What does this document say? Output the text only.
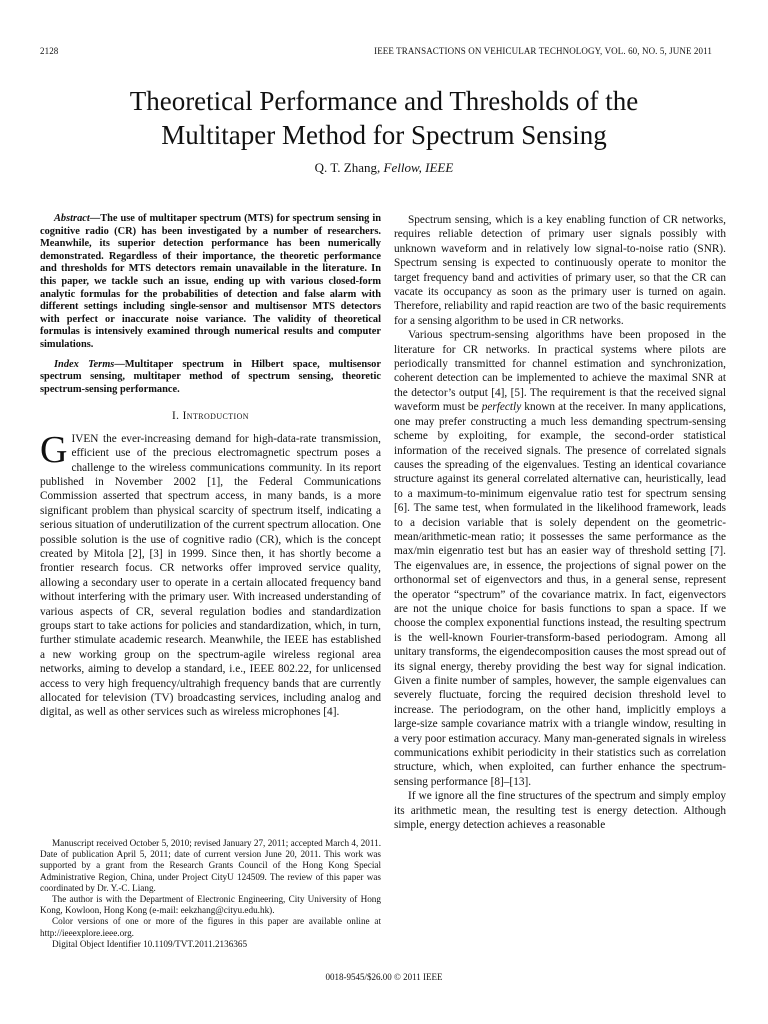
2128	IEEE TRANSACTIONS ON VEHICULAR TECHNOLOGY, VOL. 60, NO. 5, JUNE 2011
Theoretical Performance and Thresholds of the
Multitaper Method for Spectrum Sensing
Q. T. Zhang, Fellow, IEEE

Abstract—The use of multitaper spectrum (MTS) for spectrum sensing in cognitive radio (CR) has been investigated by a number of researchers. Meanwhile, its superior detection performance has been numerically demonstrated. Regardless of their importance, the theoretic performance and thresholds for MTS detectors remain unavailable in the literature. In this paper, we tackle such an issue, ending up with various closed-form analytic formulas for the probabilities of detection and false alarm with different settings including single-sensor and multisensor MTS detectors with perfect or inaccurate noise variance. The validity of theoretical formulas is intensively examined through numerical results and computer simulations.

Index Terms—Multitaper spectrum in Hilbert space, multisensor spectrum sensing, multitaper method of spectrum sensing, theoretic spectrum-sensing performance.

I. Introduction

GIVEN the ever-increasing demand for high-data-rate transmission, efficient use of the precious electromagnetic spectrum poses a challenge to the wireless communications community. In its report published in November 2002 [1], the Federal Communications Commission asserted that spectrum access, in many bands, is a more significant problem than physical scarcity of spectrum itself, indicating a serious situation of underutilization of the current spectrum allocation. One possible solution is the use of cognitive radio (CR), which is the concept created by Mitola [2], [3] in 1999. Since then, it has shortly become a frontier research focus. CR networks offer improved service quality, allowing a secondary user to operate in a certain allocated frequency band without interfering with the primary user. With increased understanding of various aspects of CR, several regulation bodies and standardization groups start to take actions for policies and standardization, which, in turn, further stimulate academic research. Meanwhile, the IEEE has established a new working group on the spectrum-agile wireless regional area networks, aiming to develop a standard, i.e., IEEE 802.22, for unlicensed access to very high frequency/ultrahigh frequency bands that are currently allocated for television (TV) broadcasting services, including analog and digital, as well as other services such as wireless microphones [4].

Manuscript received October 5, 2010; revised January 27, 2011; accepted March 4, 2011. Date of publication April 5, 2011; date of current version June 20, 2011. This work was supported by a grant from the Research Grants Council of the Hong Kong Special Administrative Region, China, under Project CityU 124509. The review of this paper was coordinated by Dr. Y.-C. Liang.

The author is with the Department of Electronic Engineering, City University of Hong Kong, Kowloon, Hong Kong (e-mail: eekzhang@cityu.edu.hk).

Color versions of one or more of the figures in this paper are available online at http://ieeexplore.ieee.org.

Digital Object Identifier 10.1109/TVT.2011.2136365

Spectrum sensing, which is a key enabling function of CR networks, requires reliable detection of primary user signals possibly with unknown waveform and in relatively low signal-to-noise ratio (SNR). Spectrum sensing is expected to continuously operate to monitor the target frequency band and activities of primary user, so that the CR can vacate its occupancy as soon as the primary user is turned on again. Therefore, reliability and rapid reaction are two of the basic requirements for a sensing algorithm to be used in CR networks.

Various spectrum-sensing algorithms have been proposed in the literature for CR networks. In practical systems where pilots are periodically transmitted for channel estimation and synchronization, coherent detection can be implemented to achieve the maximal SNR at the detector’s output [4], [5]. The requirement is that the received signal waveform must be perfectly known at the receiver. In many applications, one may prefer constructing a much less demanding spectrum-sensing scheme by exploiting, for example, the second-order statistical information of the received signals. The presence of correlated signals causes the spreading of the eigenvalues. Testing an identical covariance structure against its general correlated alternative can, heuristically, lead to a maximum-to-minimum eigenvalue ratio test for spectrum sensing [6]. The same test, when formulated in the likelihood framework, leads to a decision variable that is solely dependent on the geometric-mean/arithmetic-mean ratio; it possesses the same performance as the max/min eigenratio test but has an easier way of threshold setting [7]. The eigenvalues are, in essence, the projections of signal power on the orthonormal set of eigenvectors and thus, in a general sense, represent the operator “spectrum” of the covariance matrix. In fact, eigenvectors are not the unique choice for basis functions to span a space. If we choose the complex exponential functions instead, the resulting spectrum is the well-known Fourier-transform-based periodogram. Among all unitary transforms, the eigendecomposition causes the most spread out of its signal energy, thereby providing the best way for signal indication. Given a finite number of samples, however, the sample eigenvalues can severely fluctuate, forcing the required decision threshold level to increase. The periodogram, on the other hand, implicitly employs a large-size sample covariance matrix with a triangle window, resulting in a very poor estimation accuracy. Many man-generated signals in wireless communications exhibit periodicity in their statistics such as correlation structure, which, when exploited, can further enhance the spectrum-sensing performance [8]–[13].

If we ignore all the fine structures of the spectrum and simply employ its arithmetic mean, the resulting test is energy detection. Although simple, energy detection achieves a reasonable

0018-9545/$26.00 © 2011 IEEE
